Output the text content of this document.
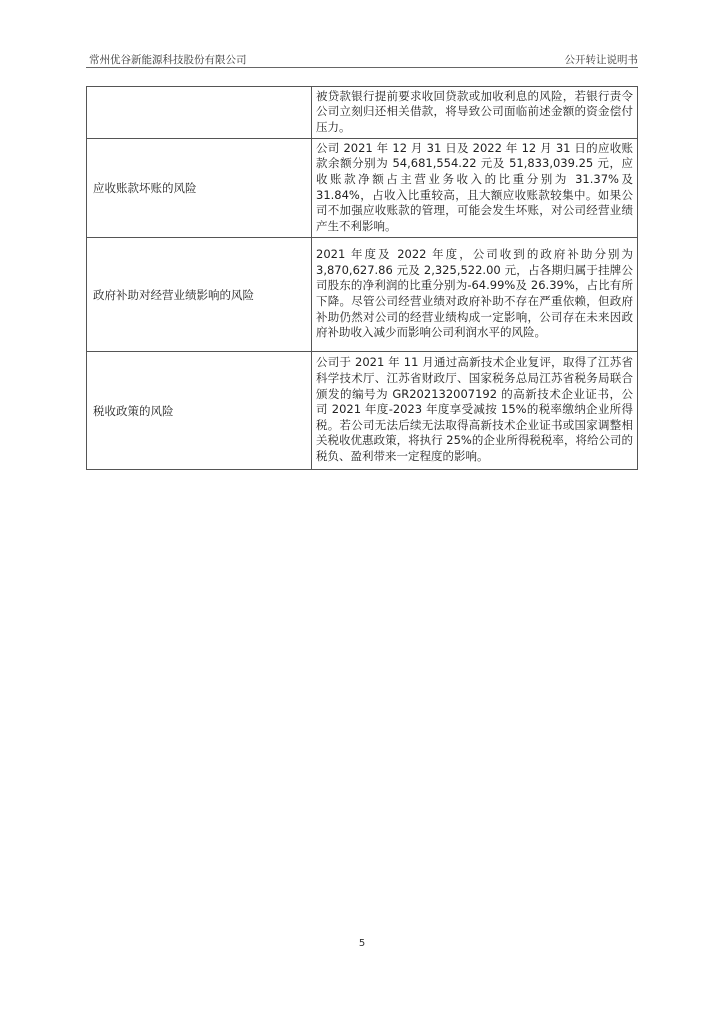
常州优谷新能源科技股份有限公司	公开转让说明书
	被贷款银行提前要求收回贷款或加收利息的风险，若银行责令公司立刻归还相关借款，将导致公司面临前述金额的资金偿付压力。
应收账款坏账的风险	公司 2021 年 12 月 31 日及 2022 年 12 月 31 日的应收账款余额分别为 54,681,554.22 元及 51,833,039.25 元，应收账款净额占主营业务收入的比重分别为 31.37%及 31.84%，占收入比重较高，且大额应收账款较集中。如果公司不加强应收账款的管理，可能会发生坏账，对公司经营业绩产生不利影响。
政府补助对经营业绩影响的风险	2021 年度及 2022 年度，公司收到的政府补助分别为 3,870,627.86 元及 2,325,522.00 元，占各期归属于挂牌公司股东的净利润的比重分别为-64.99%及 26.39%，占比有所下降。尽管公司经营业绩对政府补助不存在严重依赖，但政府补助仍然对公司的经营业绩构成一定影响，公司存在未来因政府补助收入减少而影响公司利润水平的风险。
税收政策的风险	公司于 2021 年 11 月通过高新技术企业复评，取得了江苏省科学技术厅、江苏省财政厅、国家税务总局江苏省税务局联合颁发的编号为 GR202132007192 的高新技术企业证书，公司 2021 年度-2023 年度享受减按 15%的税率缴纳企业所得税。若公司无法后续无法取得高新技术企业证书或国家调整相关税收优惠政策，将执行 25%的企业所得税税率，将给公司的税负、盈利带来一定程度的影响。
5
